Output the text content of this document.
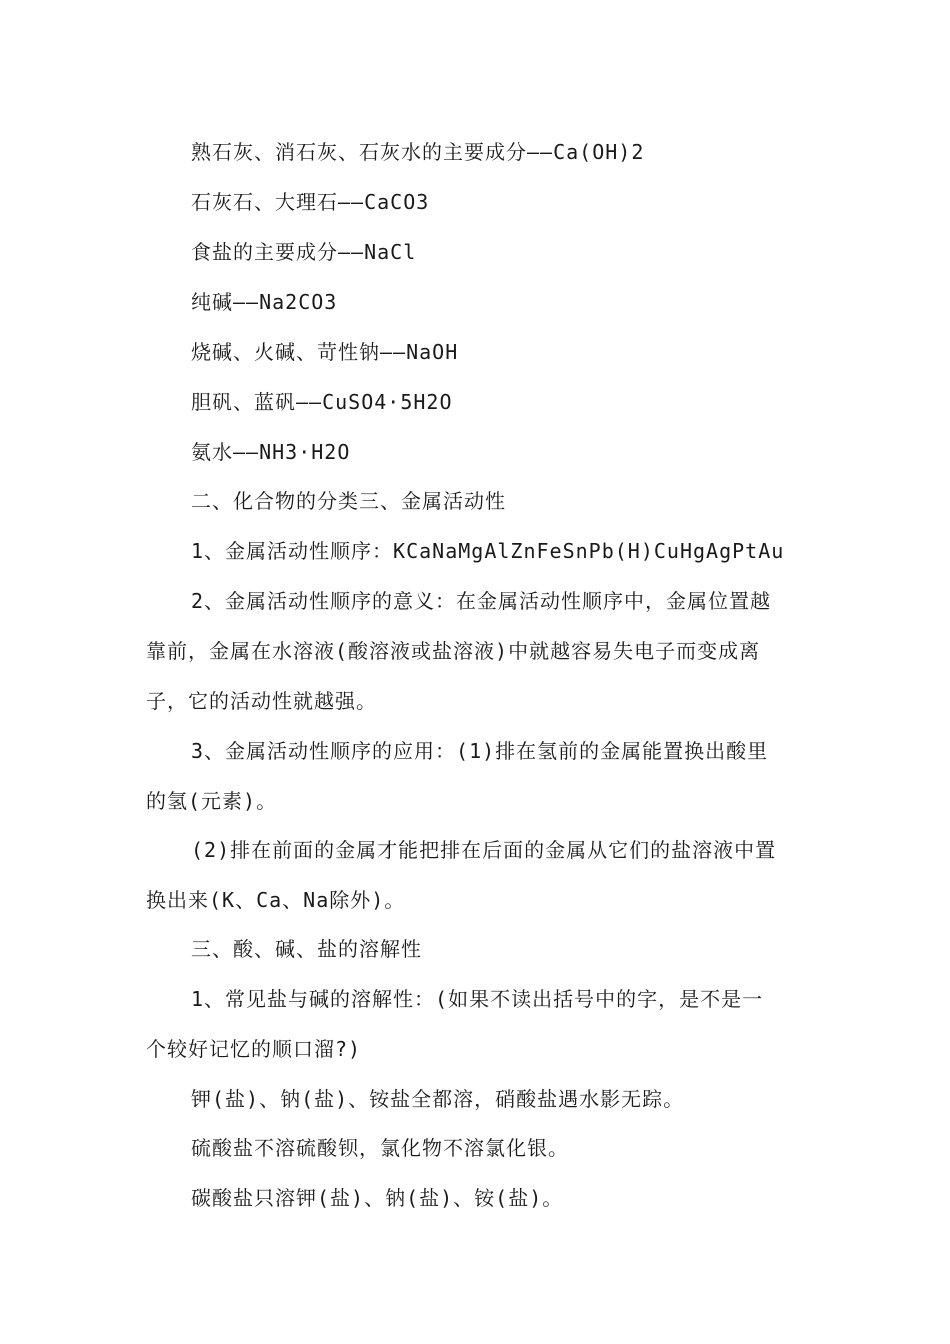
熟石灰、消石灰、石灰水的主要成分——Ca(OH)2
石灰石、大理石——CaCO3
食盐的主要成分——NaCl
纯碱——Na2CO3
烧碱、火碱、苛性钠——NaOH
胆矾、蓝矾——CuSO4·5H2O
氨水——NH3·H2O
二、化合物的分类三、金属活动性
1、金属活动性顺序：KCaNaMgAlZnFeSnPb(H)CuHgAgPtAu
2、金属活动性顺序的意义：在金属活动性顺序中，金属位置越
靠前，金属在水溶液(酸溶液或盐溶液)中就越容易失电子而变成离
子，它的活动性就越强。
3、金属活动性顺序的应用：(1)排在氢前的金属能置换出酸里
的氢(元素)。
(2)排在前面的金属才能把排在后面的金属从它们的盐溶液中置
换出来(K、Ca、Na除外)。
三、酸、碱、盐的溶解性
1、常见盐与碱的溶解性：(如果不读出括号中的字，是不是一
个较好记忆的顺口溜?)
钾(盐)、钠(盐)、铵盐全都溶，硝酸盐遇水影无踪。
硫酸盐不溶硫酸钡，氯化物不溶氯化银。
碳酸盐只溶钾(盐)、钠(盐)、铵(盐)。
